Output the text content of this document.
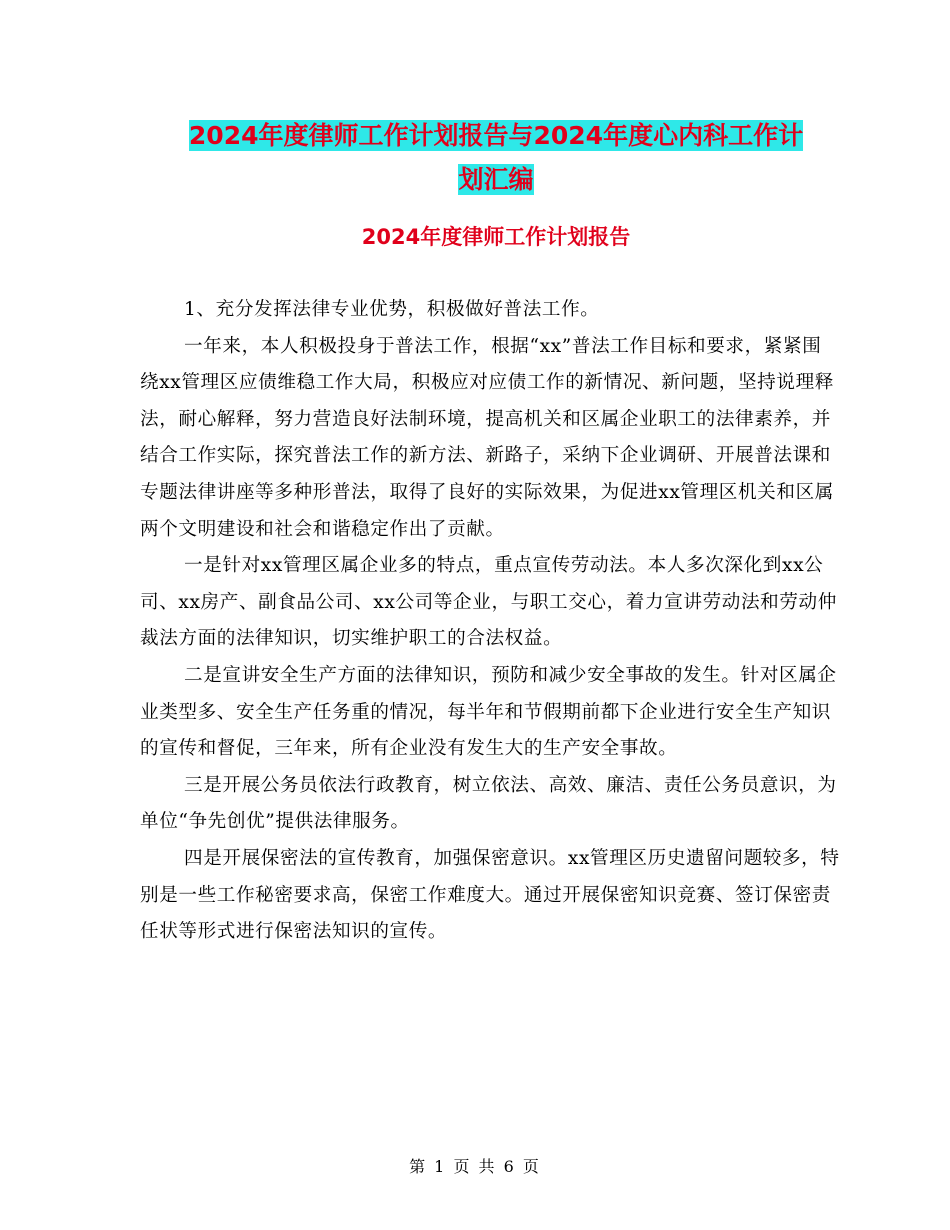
2024年度律师工作计划报告与2024年度心内科工作计
划汇编
2024年度律师工作计划报告

1、充分发挥法律专业优势，积极做好普法工作。

一年来，本人积极投身于普法工作，根据“xx”普法工作目标和要求，紧紧围绕xx管理区应债维稳工作大局，积极应对应债工作的新情况、新问题，坚持说理释法，耐心解释，努力营造良好法制环境，提高机关和区属企业职工的法律素养，并结合工作实际，探究普法工作的新方法、新路子，采纳下企业调研、开展普法课和专题法律讲座等多种形普法，取得了良好的实际效果，为促进xx管理区机关和区属两个文明建设和社会和谐稳定作出了贡献。

一是针对xx管理区属企业多的特点，重点宣传劳动法。本人多次深化到xx公司、xx房产、副食品公司、xx公司等企业，与职工交心，着力宣讲劳动法和劳动仲裁法方面的法律知识，切实维护职工的合法权益。

二是宣讲安全生产方面的法律知识，预防和减少安全事故的发生。针对区属企业类型多、安全生产任务重的情况，每半年和节假期前都下企业进行安全生产知识的宣传和督促，三年来，所有企业没有发生大的生产安全事故。

三是开展公务员依法行政教育，树立依法、高效、廉洁、责任公务员意识，为单位“争先创优”提供法律服务。

四是开展保密法的宣传教育，加强保密意识。xx管理区历史遗留问题较多，特别是一些工作秘密要求高，保密工作难度大。通过开展保密知识竞赛、签订保密责任状等形式进行保密法知识的宣传。

第 1 页 共 6 页
